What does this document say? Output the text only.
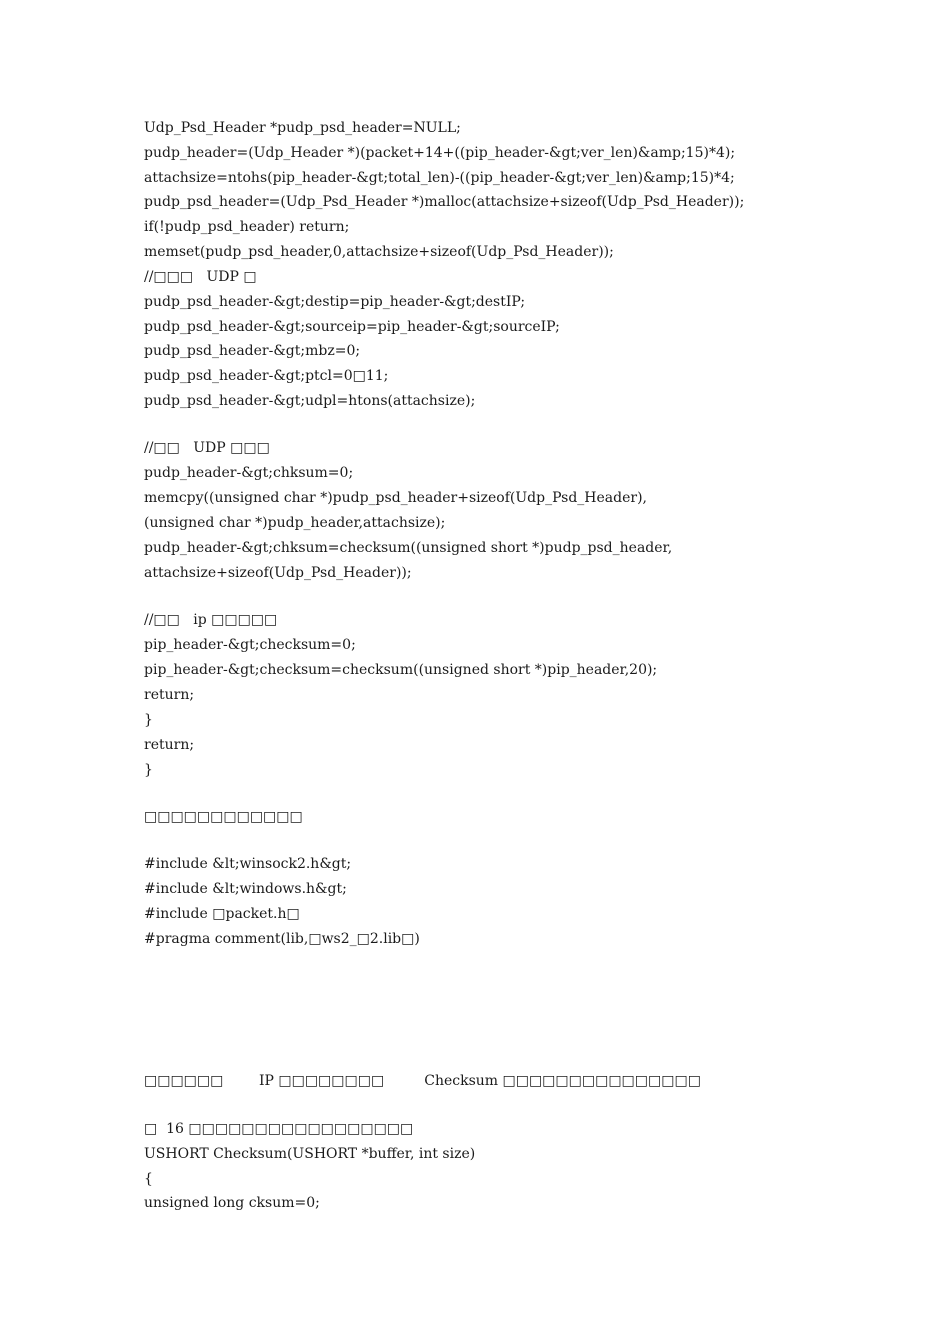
Udp_Psd_Header *pudp_psd_header=NULL;
pudp_header=(Udp_Header *)(packet+14+((pip_header-&gt;ver_len)&amp;15)*4);
attachsize=ntohs(pip_header-&gt;total_len)-((pip_header-&gt;ver_len)&amp;15)*4;
pudp_psd_header=(Udp_Psd_Header *)malloc(attachsize+sizeof(Udp_Psd_Header));
if(!pudp_psd_header) return;
memset(pudp_psd_header,0,attachsize+sizeof(Udp_Psd_Header));
//□□□   UDP □
pudp_psd_header-&gt;destip=pip_header-&gt;destIP;
pudp_psd_header-&gt;sourceip=pip_header-&gt;sourceIP;
pudp_psd_header-&gt;mbz=0;
pudp_psd_header-&gt;ptcl=0□11;
pudp_psd_header-&gt;udpl=htons(attachsize);
//□□   UDP □□□
pudp_header-&gt;chksum=0;
memcpy((unsigned char *)pudp_psd_header+sizeof(Udp_Psd_Header),
(unsigned char *)pudp_header,attachsize);
pudp_header-&gt;chksum=checksum((unsigned short *)pudp_psd_header,
attachsize+sizeof(Udp_Psd_Header));
//□□   ip □□□□□
pip_header-&gt;checksum=0;
pip_header-&gt;checksum=checksum((unsigned short *)pip_header,20);
return;
}
return;
}
□□□□□□□□□□□□
#include &lt;winsock2.h&gt;
#include &lt;windows.h&gt;
#include □packet.h□
#pragma comment(lib,□ws2_□2.lib□)
□□□□□□        IP □□□□□□□□         Checksum □□□□□□□□□□□□□□□
□  16 □□□□□□□□□□□□□□□□□
USHORT Checksum(USHORT *buffer, int size)
{
unsigned long cksum=0;
